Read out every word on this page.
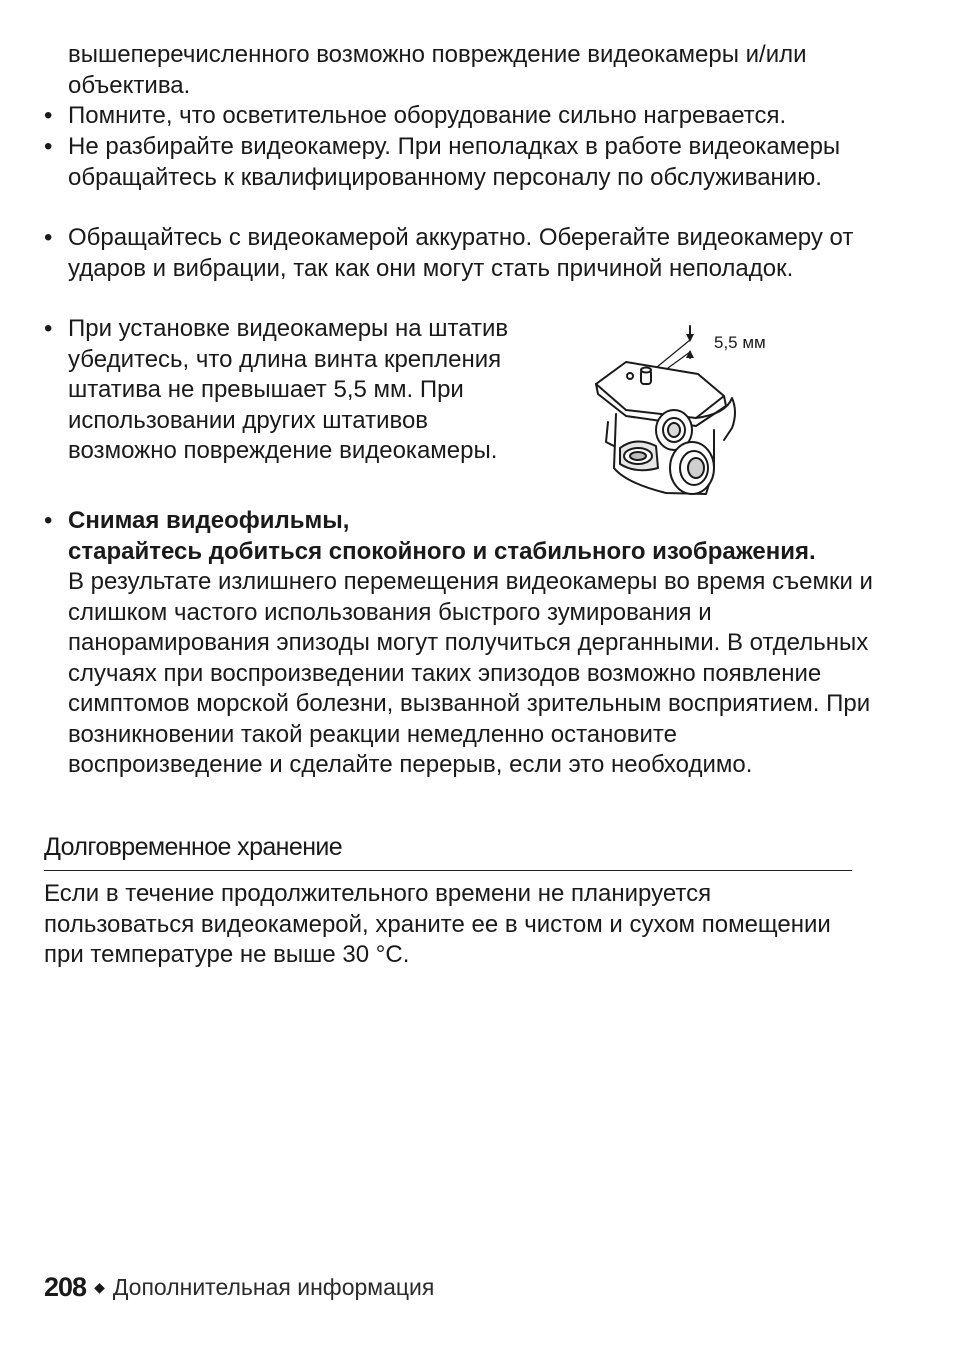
вышеперечисленного возможно повреждение видеокамеры и/или объектива.

• Помните, что осветительное оборудование сильно нагревается.

• Не разбирайте видеокамеру. При неполадках в работе видеокамеры обращайтесь к квалифицированному персоналу по обслуживанию.

• Обращайтесь с видеокамерой аккуратно. Оберегайте видеокамеру от ударов и вибрации, так как они могут стать причиной неполадок.

• При установке видеокамеры на штатив убедитесь, что длина винта крепления штатива не превышает 5,5 мм. При использовании других штативов возможно повреждение видеокамеры.

5,5 мм
• Снимая видеофильмы,
старайтесь добиться спокойного и стабильного изображения.

В результате излишнего перемещения видеокамеры во время съемки и слишком частого использования быстрого зумирования и панорамирования эпизоды могут получиться дерганными. В отдельных случаях при воспроизведении таких эпизодов возможно появление симптомов морской болезни, вызванной зрительным восприятием. При возникновении такой реакции немедленно остановите воспроизведение и сделайте перерыв, если это необходимо.

Долговременное хранение

Если в течение продолжительного времени не планируется пользоваться видеокамерой, храните ее в чистом и сухом помещении при температуре не выше 30 °C.

208 ◆ Дополнительная информация
